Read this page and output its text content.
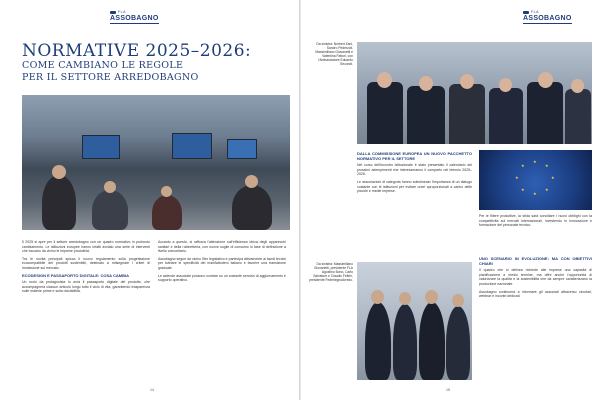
FLA
ASSOBAGNO
NORMATIVE 2025–2026:
COME CAMBIANO LE REGOLE
PER IL SETTORE ARREDOBAGNO

Il 2025 si apre per il settore arredobagno con un quadro normativo in profondo cambiamento. Le istituzioni europee hanno infatti avviato una serie di interventi che toccano da vicino le imprese produttrici.

Tra le novità principali spicca il nuovo regolamento sulla progettazione ecocompatibile dei prodotti sostenibili, destinato a ridisegnare i criteri di immissione sul mercato.

ECODESIGN E PASSAPORTO DIGITALE: COSA CAMBIA

Un ruolo da protagonista lo avrà il passaporto digitale del prodotto, che accompagnerà ciascun articolo lungo tutto il ciclo di vita, garantendo trasparenza sulle materie prime e sulla riciclabilità.

Accanto a questo, si rafforza l'attenzione sull'efficienza idrica degli apparecchi sanitari e della rubinetteria, con nuove soglie di consumo in fase di definizione a livello comunitario.

Assobagno segue da vicino l'iter legislativo e partecipa attivamente ai tavoli tecnici per tutelare le specificità del manifatturiero italiano e favorire una transizione graduale.

Le aziende associate possono contare su un costante servizio di aggiornamento e supporto operativo.

14
FLA
ASSOBAGNO
Da sinistra: Norbert Zani, Sandro Pederzoli, Massimiliano Giovanetti e Valentina Fattori, con l'Ambasciatore Eduardo Secondi.
DALLA COMMISSIONE EUROPEA UN NUOVO PACCHETTO NORMATIVO PER IL SETTORE

Nel corso dell'incontro istituzionale è stato presentato il calendario dei prossimi adempimenti che interesseranno il comparto nel biennio 2025–2026.

Le associazioni di categoria hanno sottolineato l'importanza di un dialogo costante con le istituzioni per evitare oneri sproporzionati a carico delle piccole e medie imprese.

★
★
★
★
★
★
★
★

Per le filiere produttive, la sfida sarà conciliare i nuovi obblighi con la competitività sui mercati internazionali, investendo in innovazione e formazione del personale tecnico.

Da sinistra: Massimiliano Giovanetti, presidente FLA Agostino Bono, Carlo Salvatore e Claudio Feltrin, presidente FederlegnoArredo.
UNO SCENARIO IN EVOLUZIONE: MA CON OBIETTIVI CHIARI

Il quadro che si delinea richiede alle imprese una capacità di pianificazione a medio termine, ma offre anche l'opportunità di valorizzare la qualità e la sostenibilità che da sempre caratterizzano la produzione nazionale.

Assobagno continuerà a informare gli associati attraverso circolari, webinar e incontri dedicati.

15
